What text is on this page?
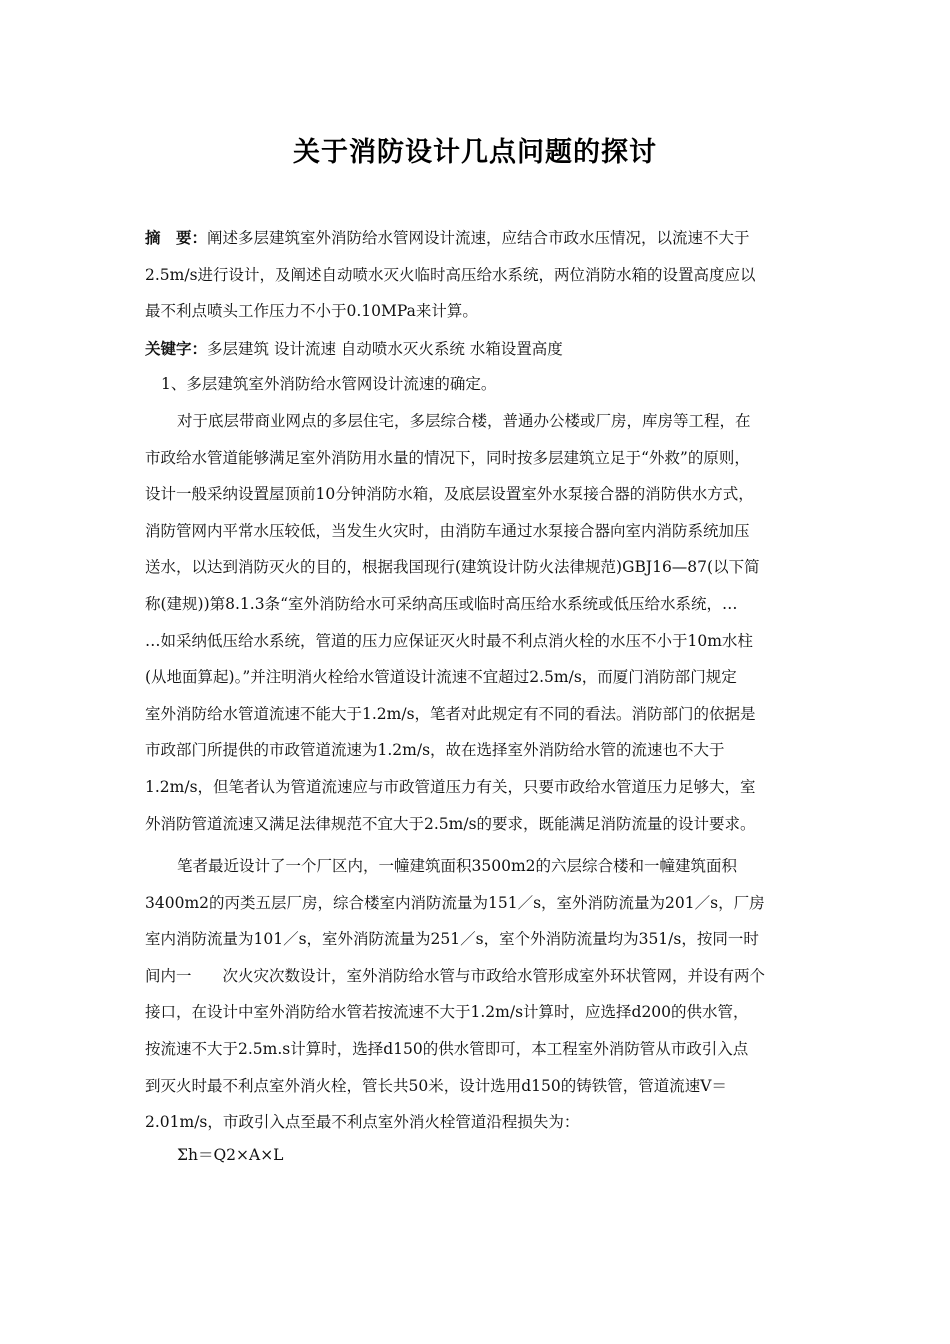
关于消防设计几点问题的探讨
摘　要：阐述多层建筑室外消防给水管网设计流速，应结合市政水压情况，以流速不大于
2.5m/s进行设计，及阐述自动喷水灭火临时高压给水系统，两位消防水箱的设置高度应以
最不利点喷头工作压力不小于0.10MPa来计算。
关键字：多层建筑 设计流速 自动喷水灭火系统 水箱设置高度
1、多层建筑室外消防给水管网设计流速的确定。
对于底层带商业网点的多层住宅，多层综合楼，普通办公楼或厂房，库房等工程，在
市政给水管道能够满足室外消防用水量的情况下，同时按多层建筑立足于“外救”的原则，
设计一般采纳设置屋顶前10分钟消防水箱，及底层设置室外水泵接合器的消防供水方式，
消防管网内平常水压较低，当发生火灾时，由消防车通过水泵接合器向室内消防系统加压
送水，以达到消防灭火的目的，根据我国现行(建筑设计防火法律规范)GBJ16—87(以下简
称(建规))第8.1.3条“室外消防给水可采纳高压或临时高压给水系统或低压给水系统，…
…如采纳低压给水系统，管道的压力应保证灭火时最不利点消火栓的水压不小于10m水柱
(从地面算起)。”并注明消火栓给水管道设计流速不宜超过2.5m/s，而厦门消防部门规定
室外消防给水管道流速不能大于1.2m/s，笔者对此规定有不同的看法。消防部门的依据是
市政部门所提供的市政管道流速为1.2m/s，故在选择室外消防给水管的流速也不大于
1.2m/s，但笔者认为管道流速应与市政管道压力有关，只要市政给水管道压力足够大，室
外消防管道流速又满足法律规范不宜大于2.5m/s的要求，既能满足消防流量的设计要求。
笔者最近设计了一个厂区内，一幢建筑面积3500m2的六层综合楼和一幢建筑面积
3400m2的丙类五层厂房，综合楼室内消防流量为151／s，室外消防流量为201／s，厂房
室内消防流量为101／s，室外消防流量为251／s，室个外消防流量均为351/s，按同一时
间内一　　次火灾次数设计，室外消防给水管与市政给水管形成室外环状管网，并设有两个
接口，在设计中室外消防给水管若按流速不大于1.2m/s计算时，应选择d200的供水管，
按流速不大于2.5m.s计算时，选择d150的供水管即可，本工程室外消防管从市政引入点
到灭火时最不利点室外消火栓，管长共50米，设计选用d150的铸铁管，管道流速V＝
2.01m/s，市政引入点至最不利点室外消火栓管道沿程损失为：
Σh＝Q2×A×L
